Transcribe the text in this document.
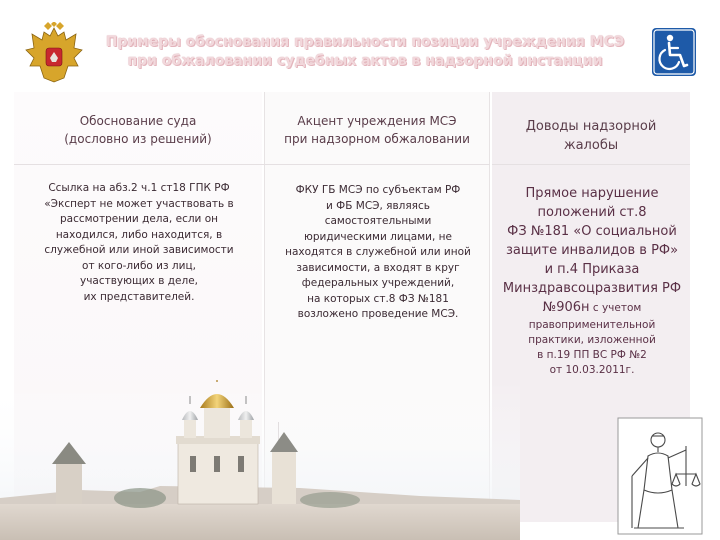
Примеры обоснования правильности позиции учреждения МСЭ
при обжаловании судебных актов в надзорной инстанции
Обоснование суда
(дословно из решений)
Акцент учреждения МСЭ
при надзорном обжаловании
Доводы надзорной
жалобы
Ссылка на абз.2 ч.1 ст18 ГПК РФ
«Эксперт не может участвовать в
рассмотрении дела, если он
находился, либо находится, в
служебной или иной зависимости
от кого-либо из лиц,
участвующих в деле,
их представителей.
ФКУ ГБ МСЭ по субъектам РФ
и ФБ МСЭ, являясь
самостоятельными
юридическими лицами, не
находятся в служебной или иной
зависимости, а входят в круг
федеральных учреждений,
на которых ст.8 ФЗ №181
возложено проведение МСЭ.
Прямое нарушение
положений ст.8
ФЗ №181 «О социальной
защите инвалидов в РФ»
и п.4 Приказа
Минздравсоцразвития РФ
№906н с учетом
правоприменительной
практики, изложенной
в п.19 ПП ВС РФ №2
от 10.03.2011г.
